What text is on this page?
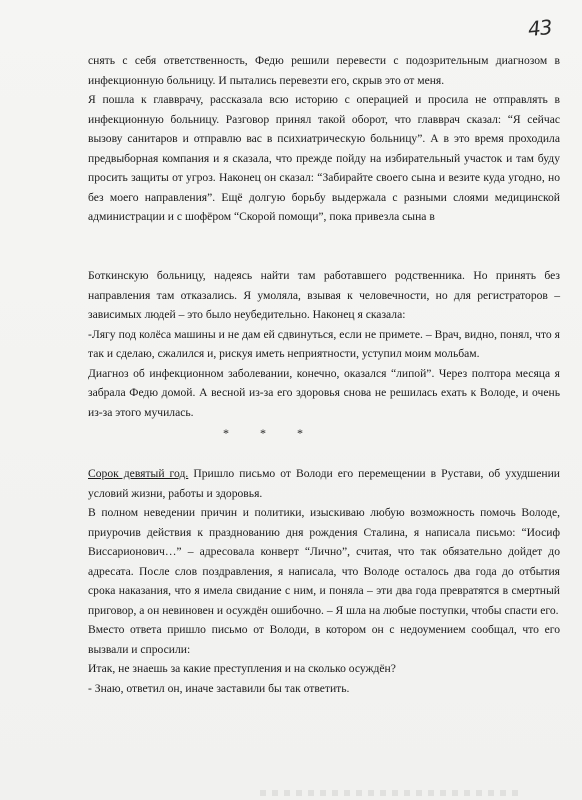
43

снять с себя ответственность, Федю решили перевести с подозрительным диагнозом в инфекционную больницу. И пытались перевезти его, скрыв это от меня.

Я пошла к главврачу, рассказала всю историю с операцией и просила не отправлять в инфекционную больницу. Разговор принял такой оборот, что главврач сказал: “Я сейчас вызову санитаров и отправлю вас в психиатрическую больницу”. А в это время проходила предвыборная компания и я сказала, что прежде пойду на избирательный участок и там буду просить защиты от угроз. Наконец он сказал: “Забирайте своего сына и везите куда угодно, но без моего направления”. Ещё долгую борьбу выдержала с разными слоями медицинской администрации и с шофёром “Скорой помощи”, пока привезла сына в

Боткинскую больницу, надеясь найти там работавшего родственника. Но принять без направления там отказались. Я умоляла, взывая к человечности, но для регистраторов – зависимых людей – это было неубедительно. Наконец я сказала:

-Лягу под колёса машины и не дам ей сдвинуться, если не примете. – Врач, видно, понял, что я так и сделаю, сжалился и, рискуя иметь неприятности, уступил моим мольбам.

Диагноз об инфекционном заболевании, конечно, оказался “липой”. Через полтора месяца я забрала Федю домой. А весной из-за его здоровья снова не решилась ехать к Володе, и очень из-за этого мучилась.

* * *

Сорок девятый год. Пришло письмо от Володи его перемещении в Рустави, об ухудшении условий жизни, работы и здоровья.

В полном неведении причин и политики, изыскиваю любую возможность помочь Володе, приурочив действия к празднованию дня рождения Сталина, я написала письмо: “Иосиф Виссарионович…” – адресовала конверт “Лично”, считая, что так обязательно дойдет до адресата. После слов поздравления, я написала, что Володе осталось два года до отбытия срока наказания, что я имела свидание с ним, и поняла – эти два года превратятся в смертный приговор, а он невиновен и осуждён ошибочно. – Я шла на любые поступки, чтобы спасти его.

Вместо ответа пришло письмо от Володи, в котором он с недоумением сообщал, что его вызвали и спросили:

Итак, не знаешь за какие преступления и на сколько осуждён?

- Знаю, ответил он, иначе заставили бы так ответить.
